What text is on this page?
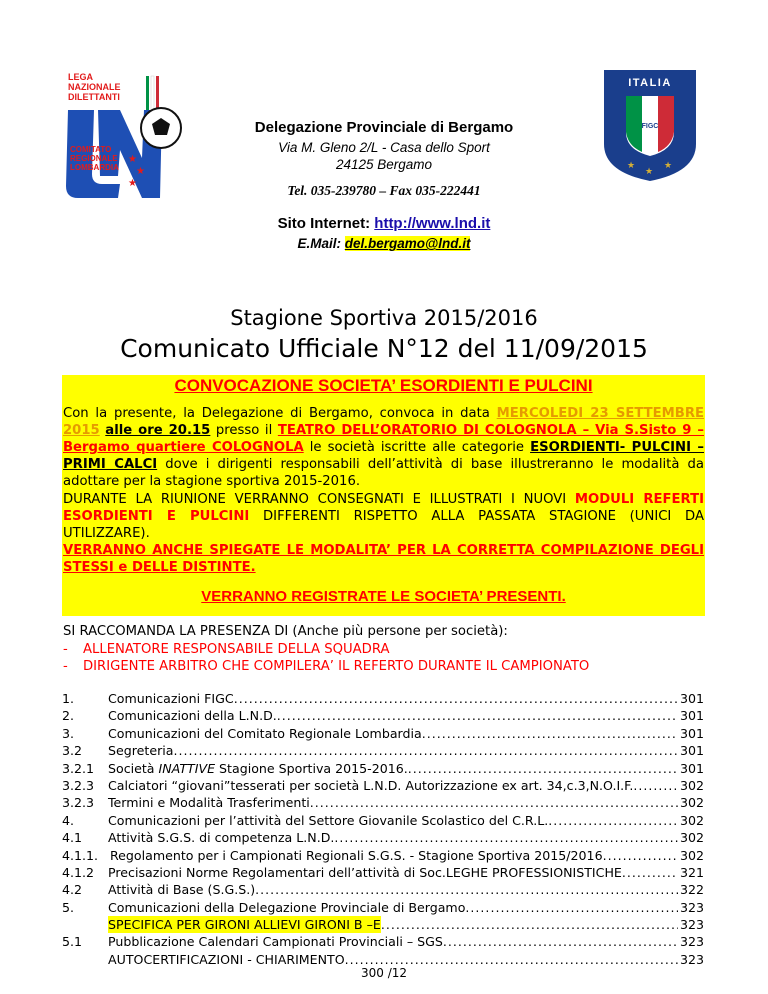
LEGA
NAZIONALE
DILETTANTI
★
★
★
COMITATO
REGIONALE
LOMBARDIA
ITALIA
FIGC
★
★
★
Delegazione Provinciale di Bergamo
Via M. Gleno 2/L - Casa dello Sport
24125 Bergamo
Tel. 035-239780 – Fax 035-222441
Sito Internet: http://www.lnd.it
E.Mail: del.bergamo@lnd.it
Stagione Sportiva 2015/2016
Comunicato Ufficiale N°12 del 11/09/2015
CONVOCAZIONE SOCIETA’ ESORDIENTI E PULCINI
Con la presente, la Delegazione di Bergamo, convoca in data MERCOLEDI 23 SETTEMBRE 2015 alle ore 20.15 presso il TEATRO DELL’ORATORIO DI COLOGNOLA – Via S.Sisto 9 – Bergamo quartiere COLOGNOLA le società iscritte alle categorie ESORDIENTI- PULCINI – PRIMI CALCI dove i dirigenti responsabili dell’attività di base illustreranno le modalità da adottare per la stagione sportiva 2015-2016.
DURANTE LA RIUNIONE VERRANNO CONSEGNATI E ILLUSTRATI I NUOVI MODULI REFERTI ESORDIENTI E PULCINI DIFFERENTI RISPETTO ALLA PASSATA STAGIONE (UNICI DA UTILIZZARE).
VERRANNO ANCHE SPIEGATE LE MODALITA’ PER LA CORRETTA COMPILAZIONE DEGLI STESSI e DELLE DISTINTE.
VERRANNO REGISTRATE LE SOCIETA’ PRESENTI.
SI RACCOMANDA LA PRESENZA DI (Anche più persone per società):
- ALLENATORE RESPONSABILE DELLA SQUADRA
- DIRIGENTE ARBITRO CHE COMPILERA’ IL REFERTO DURANTE IL CAMPIONATO
1.	Comunicazioni FIGC .....	301
2.	Comunicazioni della L.N.D. .....	301
3.	Comunicazioni del Comitato Regionale Lombardia .....	301
3.2	Segreteria .....	301
3.2.1	Società INATTIVE Stagione Sportiva 2015-2016. .....	301
3.2.3	Calciatori “giovani”tesserati per società L.N.D. Autorizzazione ex art. 34,c.3,N.O.I.F. .....	302
3.2.3	Termini e Modalità Trasferimenti .....	302
4.	Comunicazioni per l’attività del Settore Giovanile Scolastico del C.R.L. .....	302
4.1	Attività S.G.S. di competenza L.N.D. .....	302
4.1.1. Regolamento per i Campionati Regionali S.G.S. - Stagione Sportiva 2015/2016 .....	302
4.1.2	Precisazioni Norme Regolamentari dell’attività di Soc.LEGHE PROFESSIONISTICHE .....	321
4.2	Attività di Base (S.G.S.) .....	322
5.	Comunicazioni della Delegazione Provinciale di Bergamo .....	323
SPECIFICA PER GIRONI ALLIEVI GIRONI B –E .....	323
5.1	Pubblicazione Calendari Campionati Provinciali – SGS .....	323
AUTOCERTIFICAZIONI - CHIARIMENTO .....	323
300 /12
